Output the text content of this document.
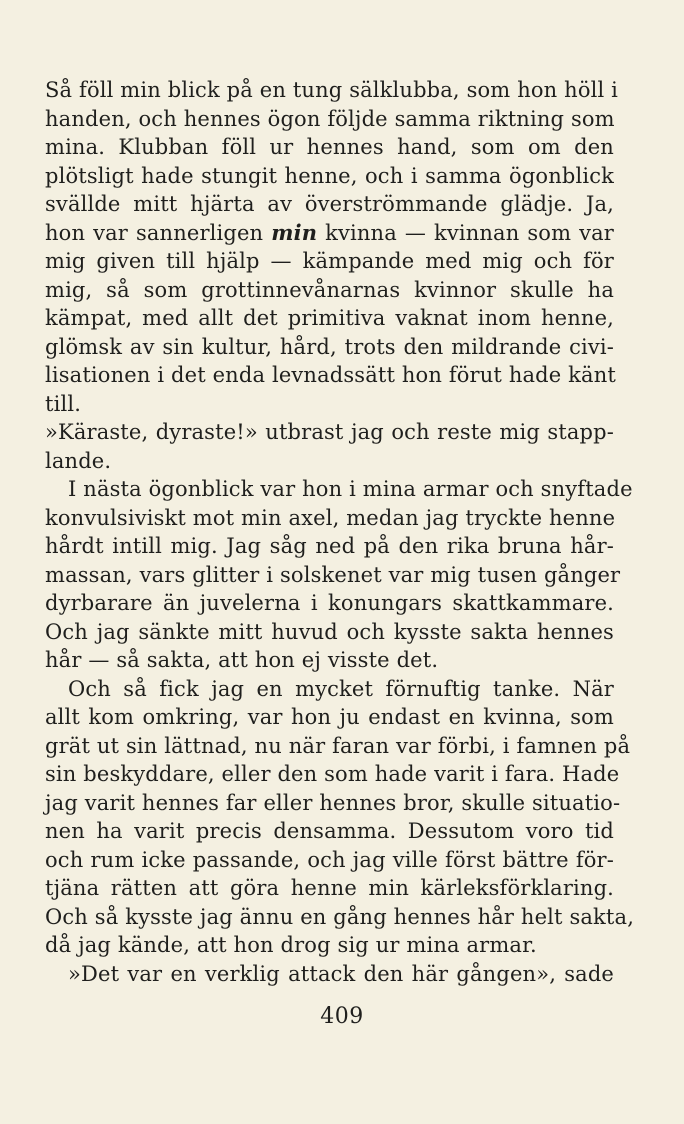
Så föll min blick på en tung sälklubba, som hon höll i
handen, och hennes ögon följde samma riktning som
mina. Klubban föll ur hennes hand, som om den
plötsligt hade stungit henne, och i samma ögonblick
svällde mitt hjärta av överströmmande glädje. Ja,
hon var sannerligen min kvinna — kvinnan som var
mig given till hjälp — kämpande med mig och för
mig, så som grottinnevånarnas kvinnor skulle ha
kämpat, med allt det primitiva vaknat inom henne,
glömsk av sin kultur, hård, trots den mildrande civi-
lisationen i det enda levnadssätt hon förut hade känt
till.
»Käraste, dyraste!» utbrast jag och reste mig stapp-
lande.
I nästa ögonblick var hon i mina armar och snyftade
konvulsiviskt mot min axel, medan jag tryckte henne
hårdt intill mig. Jag såg ned på den rika bruna hår-
massan, vars glitter i solskenet var mig tusen gånger
dyrbarare än juvelerna i konungars skattkammare.
Och jag sänkte mitt huvud och kysste sakta hennes
hår — så sakta, att hon ej visste det.
Och så fick jag en mycket förnuftig tanke. När
allt kom omkring, var hon ju endast en kvinna, som
grät ut sin lättnad, nu när faran var förbi, i famnen på
sin beskyddare, eller den som hade varit i fara. Hade
jag varit hennes far eller hennes bror, skulle situatio-
nen ha varit precis densamma. Dessutom voro tid
och rum icke passande, och jag ville först bättre för-
tjäna rätten att göra henne min kärleksförklaring.
Och så kysste jag ännu en gång hennes hår helt sakta,
då jag kände, att hon drog sig ur mina armar.
»Det var en verklig attack den här gången», sade
409
